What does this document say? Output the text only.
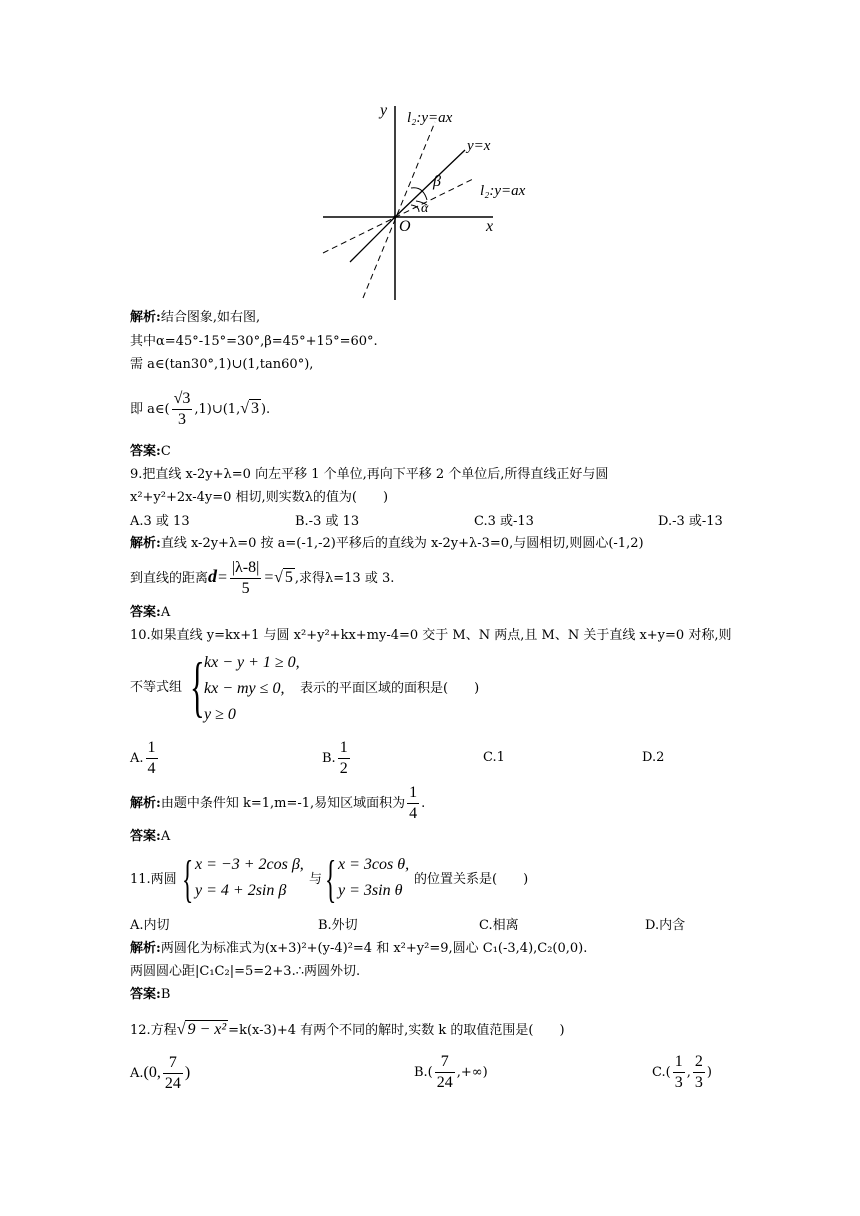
y l₂:y=ax
y=x
l₂:y=ax
β
α
O	x
解析:结合图象,如右图,
其中α=45°-15°=30°,β=45°+15°=60°.
需 a∈(tan30°,1)∪(1,tan60°),
即 a∈( $\frac{√3}{3}$ ,1)∪(1,√ 3 ).
答案:C
9.把直线 x-2y+λ=0 向左平移 1 个单位,再向下平移 2 个单位后,所得直线正好与圆
x²+y²+2x-4y=0 相切,则实数λ的值为(　　)
A.3 或 13	B.-3 或 13	C.3 或-13	D.-3 或-13
解析:直线 x-2y+λ=0 按 a=(-1,-2)平移后的直线为 x-2y+λ-3=0,与圆相切,则圆心(-1,2)
到直线的距离$d= \frac{|\lambda-8|}{5}$ =√ 5 ,求得λ=13 或 3.
答案:A
10.如果直线 y=kx+1 与圆 x²+y²+kx+my-4=0 交于 M、N 两点,且 M、N 关于直线 x+y=0 对称,则
不等式组 { kx − y + 1 ≥ 0,
kx − my ≤ 0,
y ≥ 0
表示的平面区域的面积是(　　)
A. $\frac{1}{4}$	B. $\frac{1}{2}$	C.1	D.2
解析:由题中条件知 k=1,m=-1,易知区域面积为 $\frac{1}{4}$ .
答案:A
11.两圆 { x = −3 + 2cos β,
y = 4 + 2sin β
与 { x = 3cos θ,
y = 3sin θ
的位置关系是(　　)
A.内切	B.外切	C.相离	D.内含
解析:两圆化为标准式为(x+3)²+(y-4)²=4 和 x²+y²=9,圆心 C₁(-3,4),C₂(0,0).
两圆圆心距|C₁C₂|=5=2+3.∴两圆外切.
答案:B
12.方程√ 9 − x² =k(x-3)+4 有两个不同的解时,实数 k 的取值范围是(　　)
A.(0, $\frac{7}{24}$ )	$B.( \frac{7}{24}$ ,+∞)	$C.( \frac{1}{3}$ , $\frac{2}{3}$ )
